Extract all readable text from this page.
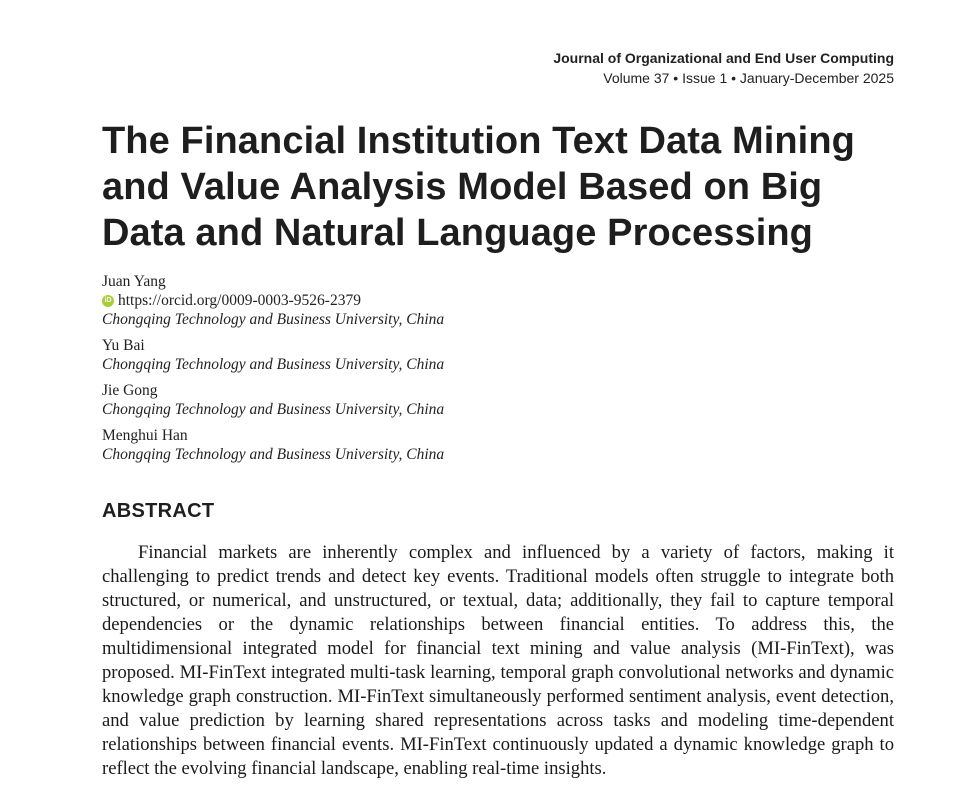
Journal of Organizational and End User Computing
Volume 37 • Issue 1 • January-December 2025
The Financial Institution Text Data Mining and Value Analysis Model Based on Big Data and Natural Language Processing
Juan Yang
iD https://orcid.org/0009-0003-9526-2379
Chongqing Technology and Business University, China
Yu Bai
Chongqing Technology and Business University, China
Jie Gong
Chongqing Technology and Business University, China
Menghui Han
Chongqing Technology and Business University, China
ABSTRACT

Financial markets are inherently complex and influenced by a variety of factors, making it challenging to predict trends and detect key events. Traditional models often struggle to integrate both structured, or numerical, and unstructured, or textual, data; additionally, they fail to capture temporal dependencies or the dynamic relationships between financial entities. To address this, the multidimensional integrated model for financial text mining and value analysis (MI-FinText), was proposed. MI-FinText integrated multi-task learning, temporal graph convolutional networks and dynamic knowledge graph construction. MI-FinText simultaneously performed sentiment analysis, event detection, and value prediction by learning shared representations across tasks and modeling time-dependent relationships between financial events. MI-FinText continuously updated a dynamic knowledge graph to reflect the evolving financial landscape, enabling real-time insights.
